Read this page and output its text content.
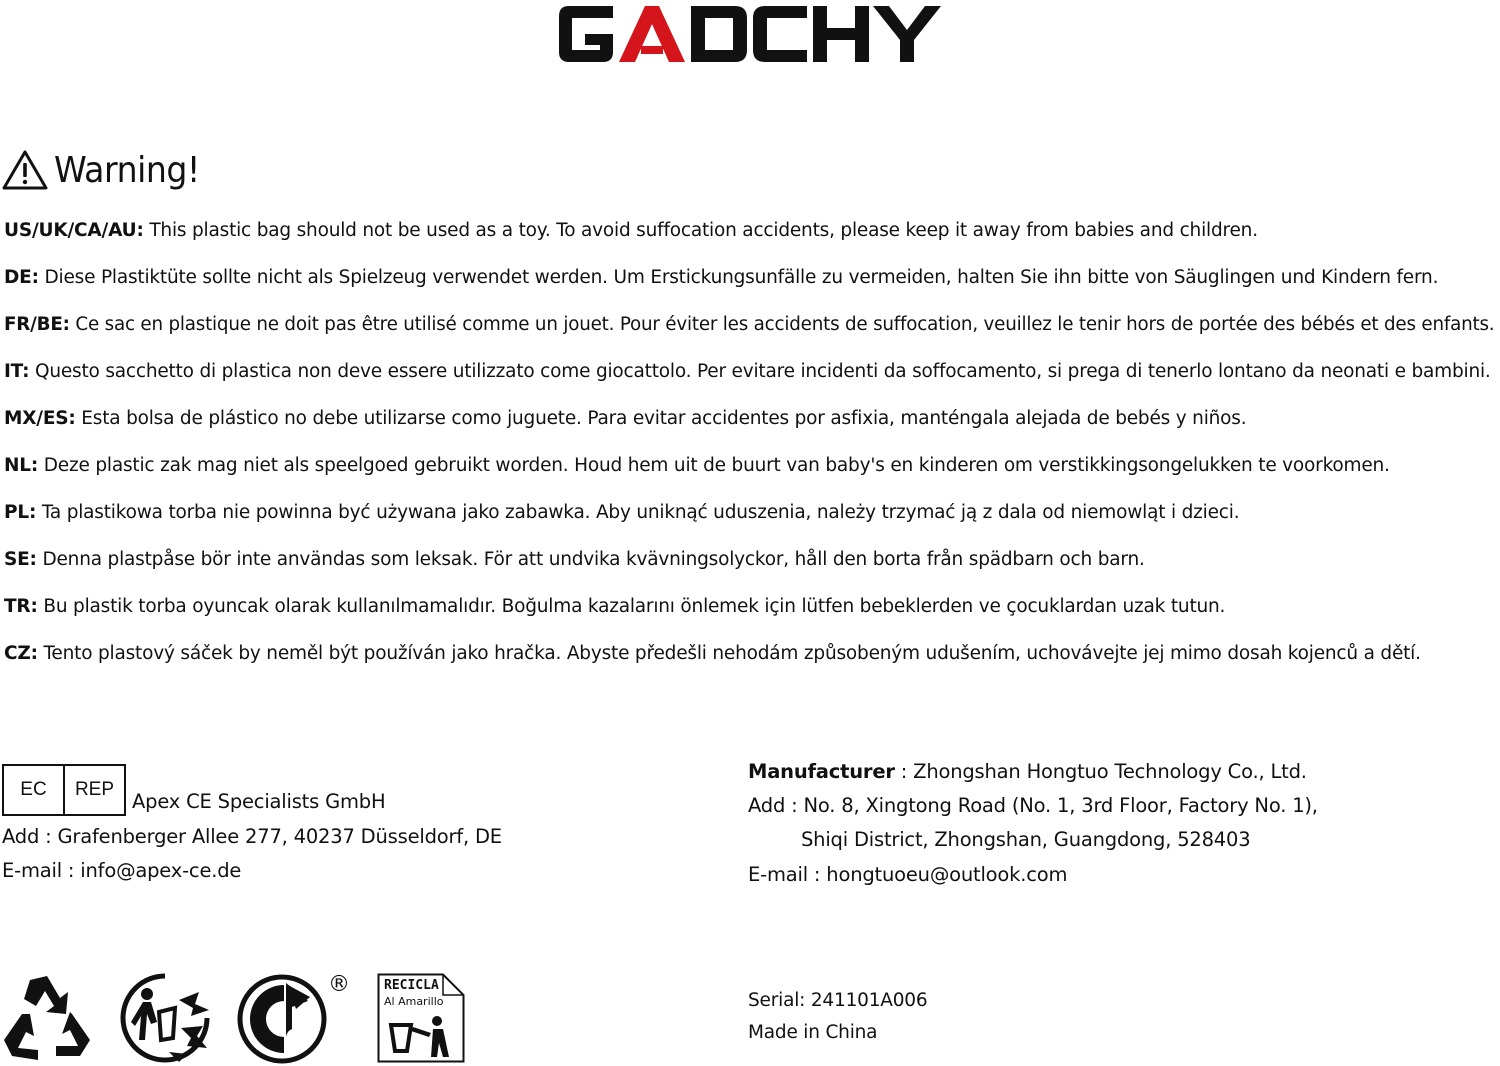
Warning!
US/UK/CA/AU: This plastic bag should not be used as a toy. To avoid suffocation accidents, please keep it away from babies and children.
DE: Diese Plastiktüte sollte nicht als Spielzeug verwendet werden. Um Erstickungsunfälle zu vermeiden, halten Sie ihn bitte von Säuglingen und Kindern fern.
FR/BE: Ce sac en plastique ne doit pas être utilisé comme un jouet. Pour éviter les accidents de suffocation, veuillez le tenir hors de portée des bébés et des enfants.
IT: Questo sacchetto di plastica non deve essere utilizzato come giocattolo. Per evitare incidenti da soffocamento, si prega di tenerlo lontano da neonati e bambini.
MX/ES: Esta bolsa de plástico no debe utilizarse como juguete. Para evitar accidentes por asfixia, manténgala alejada de bebés y niños.
NL: Deze plastic zak mag niet als speelgoed gebruikt worden. Houd hem uit de buurt van baby's en kinderen om verstikkingsongelukken te voorkomen.
PL: Ta plastikowa torba nie powinna być używana jako zabawka. Aby uniknąć uduszenia, należy trzymać ją z dala od niemowląt i dzieci.
SE: Denna plastpåse bör inte användas som leksak. För att undvika kvävningsolyckor, håll den borta från spädbarn och barn.
TR: Bu plastik torba oyuncak olarak kullanılmamalıdır. Boğulma kazalarını önlemek için lütfen bebeklerden ve çocuklardan uzak tutun.
CZ: Tento plastový sáček by neměl být používán jako hračka. Abyste předešli nehodám způsobeným udušením, uchovávejte jej mimo dosah kojenců a dětí.
EC	REP
Apex CE Specialists GmbH
Add : Grafenberger Allee 277, 40237 Düsseldorf, DE
E-mail : info@apex-ce.de
Manufacturer : Zhongshan Hongtuo Technology Co., Ltd.
Add : No. 8, Xingtong Road (No. 1, 3rd Floor, Factory No. 1),
Shiqi District, Zhongshan, Guangdong, 528403
E-mail : hongtuoeu@outlook.com
Serial: 241101A006
Made in China
®	RECICLA
Al Amarillo
